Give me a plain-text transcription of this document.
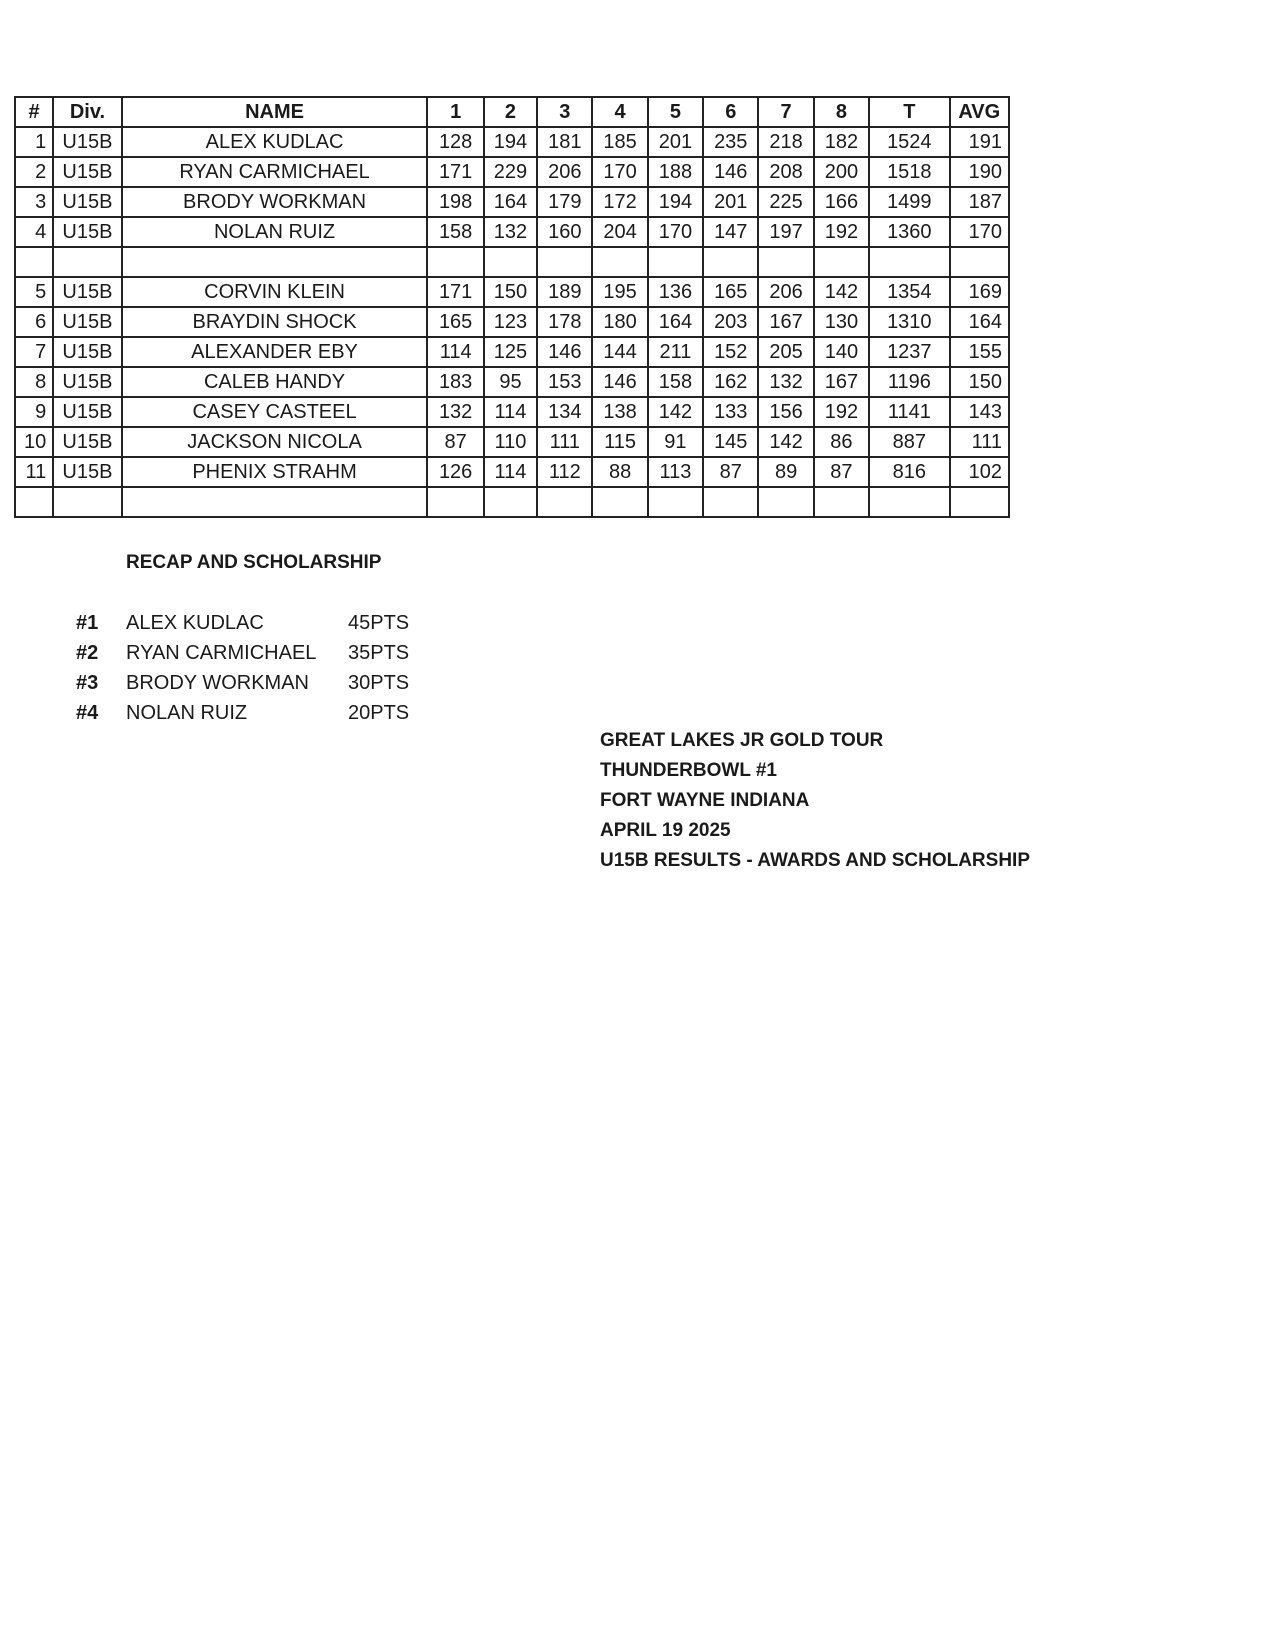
#	Div.	NAME	1	2	3	4	5	6	7	8	T	AVG
1	U15B	ALEX KUDLAC	128	194	181	185	201	235	218	182	1524	191
2	U15B	RYAN CARMICHAEL	171	229	206	170	188	146	208	200	1518	190
3	U15B	BRODY WORKMAN	198	164	179	172	194	201	225	166	1499	187
4	U15B	NOLAN RUIZ	158	132	160	204	170	147	197	192	1360	170

5	U15B	CORVIN KLEIN	171	150	189	195	136	165	206	142	1354	169
6	U15B	BRAYDIN SHOCK	165	123	178	180	164	203	167	130	1310	164
7	U15B	ALEXANDER EBY	114	125	146	144	211	152	205	140	1237	155
8	U15B	CALEB HANDY	183	95	153	146	158	162	132	167	1196	150
9	U15B	CASEY CASTEEL	132	114	134	138	142	133	156	192	1141	143
10	U15B	JACKSON NICOLA	87	110	111	115	91	145	142	86	887	111
11	U15B	PHENIX STRAHM	126	114	112	88	113	87	89	87	816	102

RECAP AND SCHOLARSHIP
#1 ALEX KUDLAC	45PTS
#2 RYAN CARMICHAEL 35PTS
#3 BRODY WORKMAN 30PTS
#4 NOLAN RUIZ	20PTS
GREAT LAKES JR GOLD TOUR
THUNDERBOWL #1
FORT WAYNE INDIANA
APRIL 19 2025
U15B RESULTS - AWARDS AND SCHOLARSHIP
